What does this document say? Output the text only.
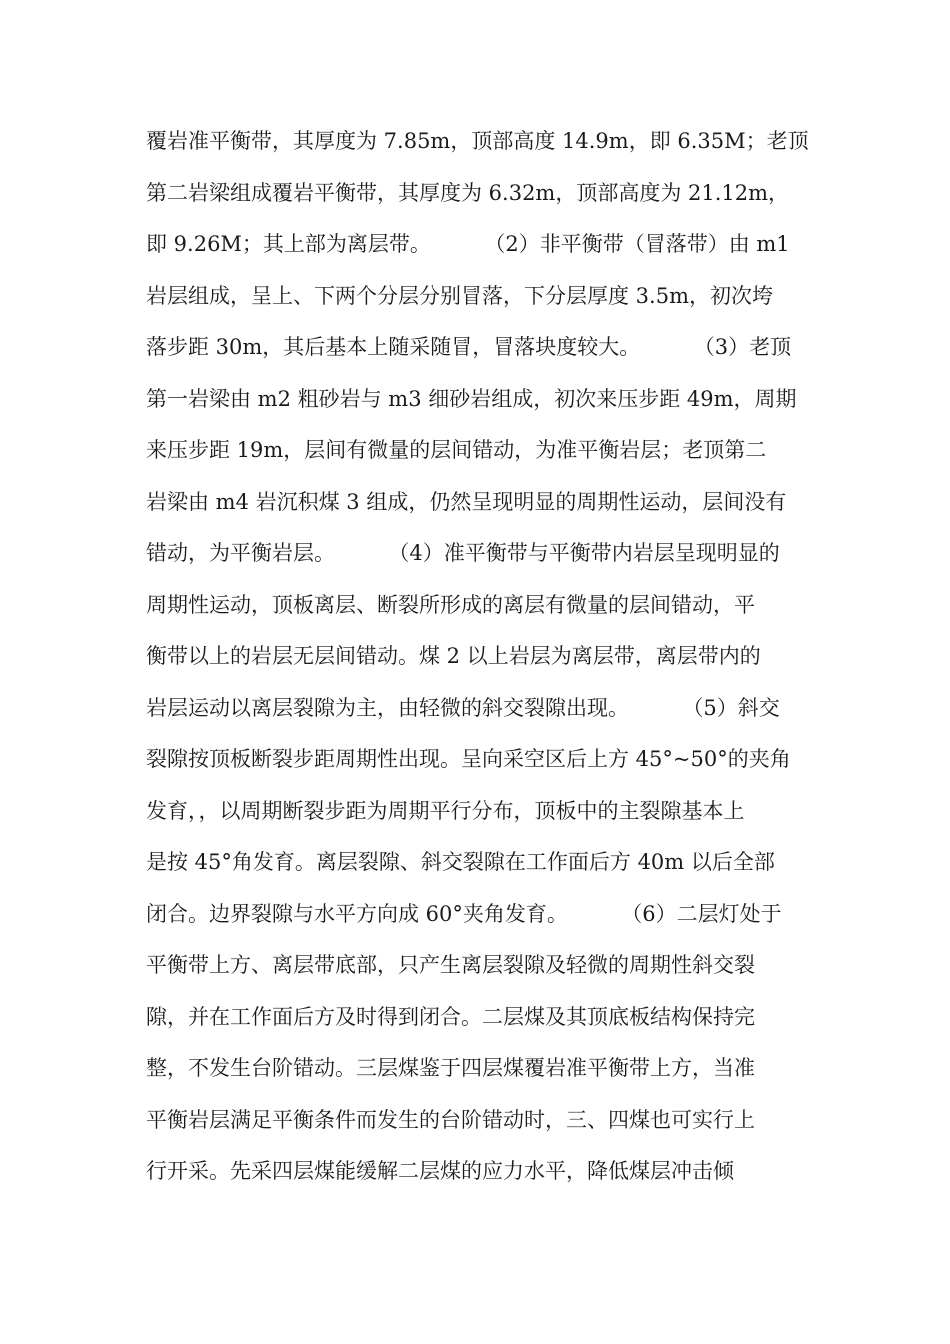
覆岩准平衡带，其厚度为 7.85m，顶部高度 14.9m，即 6.35M；老顶
第二岩梁组成覆岩平衡带，其厚度为 6.32m，顶部高度为 21.12m，
即 9.26M；其上部为离层带。        （2）非平衡带（冒落带）由 m1
岩层组成，呈上、下两个分层分别冒落，下分层厚度 3.5m，初次垮
落步距 30m，其后基本上随采随冒，冒落块度较大。        （3）老顶
第一岩梁由 m2 粗砂岩与 m3 细砂岩组成，初次来压步距 49m，周期
来压步距 19m，层间有微量的层间错动，为准平衡岩层；老顶第二
岩梁由 m4 岩沉积煤 3 组成，仍然呈现明显的周期性运动，层间没有
错动，为平衡岩层。        （4）准平衡带与平衡带内岩层呈现明显的
周期性运动，顶板离层、断裂所形成的离层有微量的层间错动，平
衡带以上的岩层无层间错动。煤 2 以上岩层为离层带，离层带内的
岩层运动以离层裂隙为主，由轻微的斜交裂隙出现。        （5）斜交
裂隙按顶板断裂步距周期性出现。呈向采空区后上方 45°~50°的夹角
发育，，以周期断裂步距为周期平行分布，顶板中的主裂隙基本上
是按 45°角发育。离层裂隙、斜交裂隙在工作面后方 40m 以后全部
闭合。边界裂隙与水平方向成 60°夹角发育。        （6）二层灯处于
平衡带上方、离层带底部，只产生离层裂隙及轻微的周期性斜交裂
隙，并在工作面后方及时得到闭合。二层煤及其顶底板结构保持完
整，不发生台阶错动。三层煤鉴于四层煤覆岩准平衡带上方，当准
平衡岩层满足平衡条件而发生的台阶错动时，三、四煤也可实行上
行开采。先采四层煤能缓解二层煤的应力水平，降低煤层冲击倾
